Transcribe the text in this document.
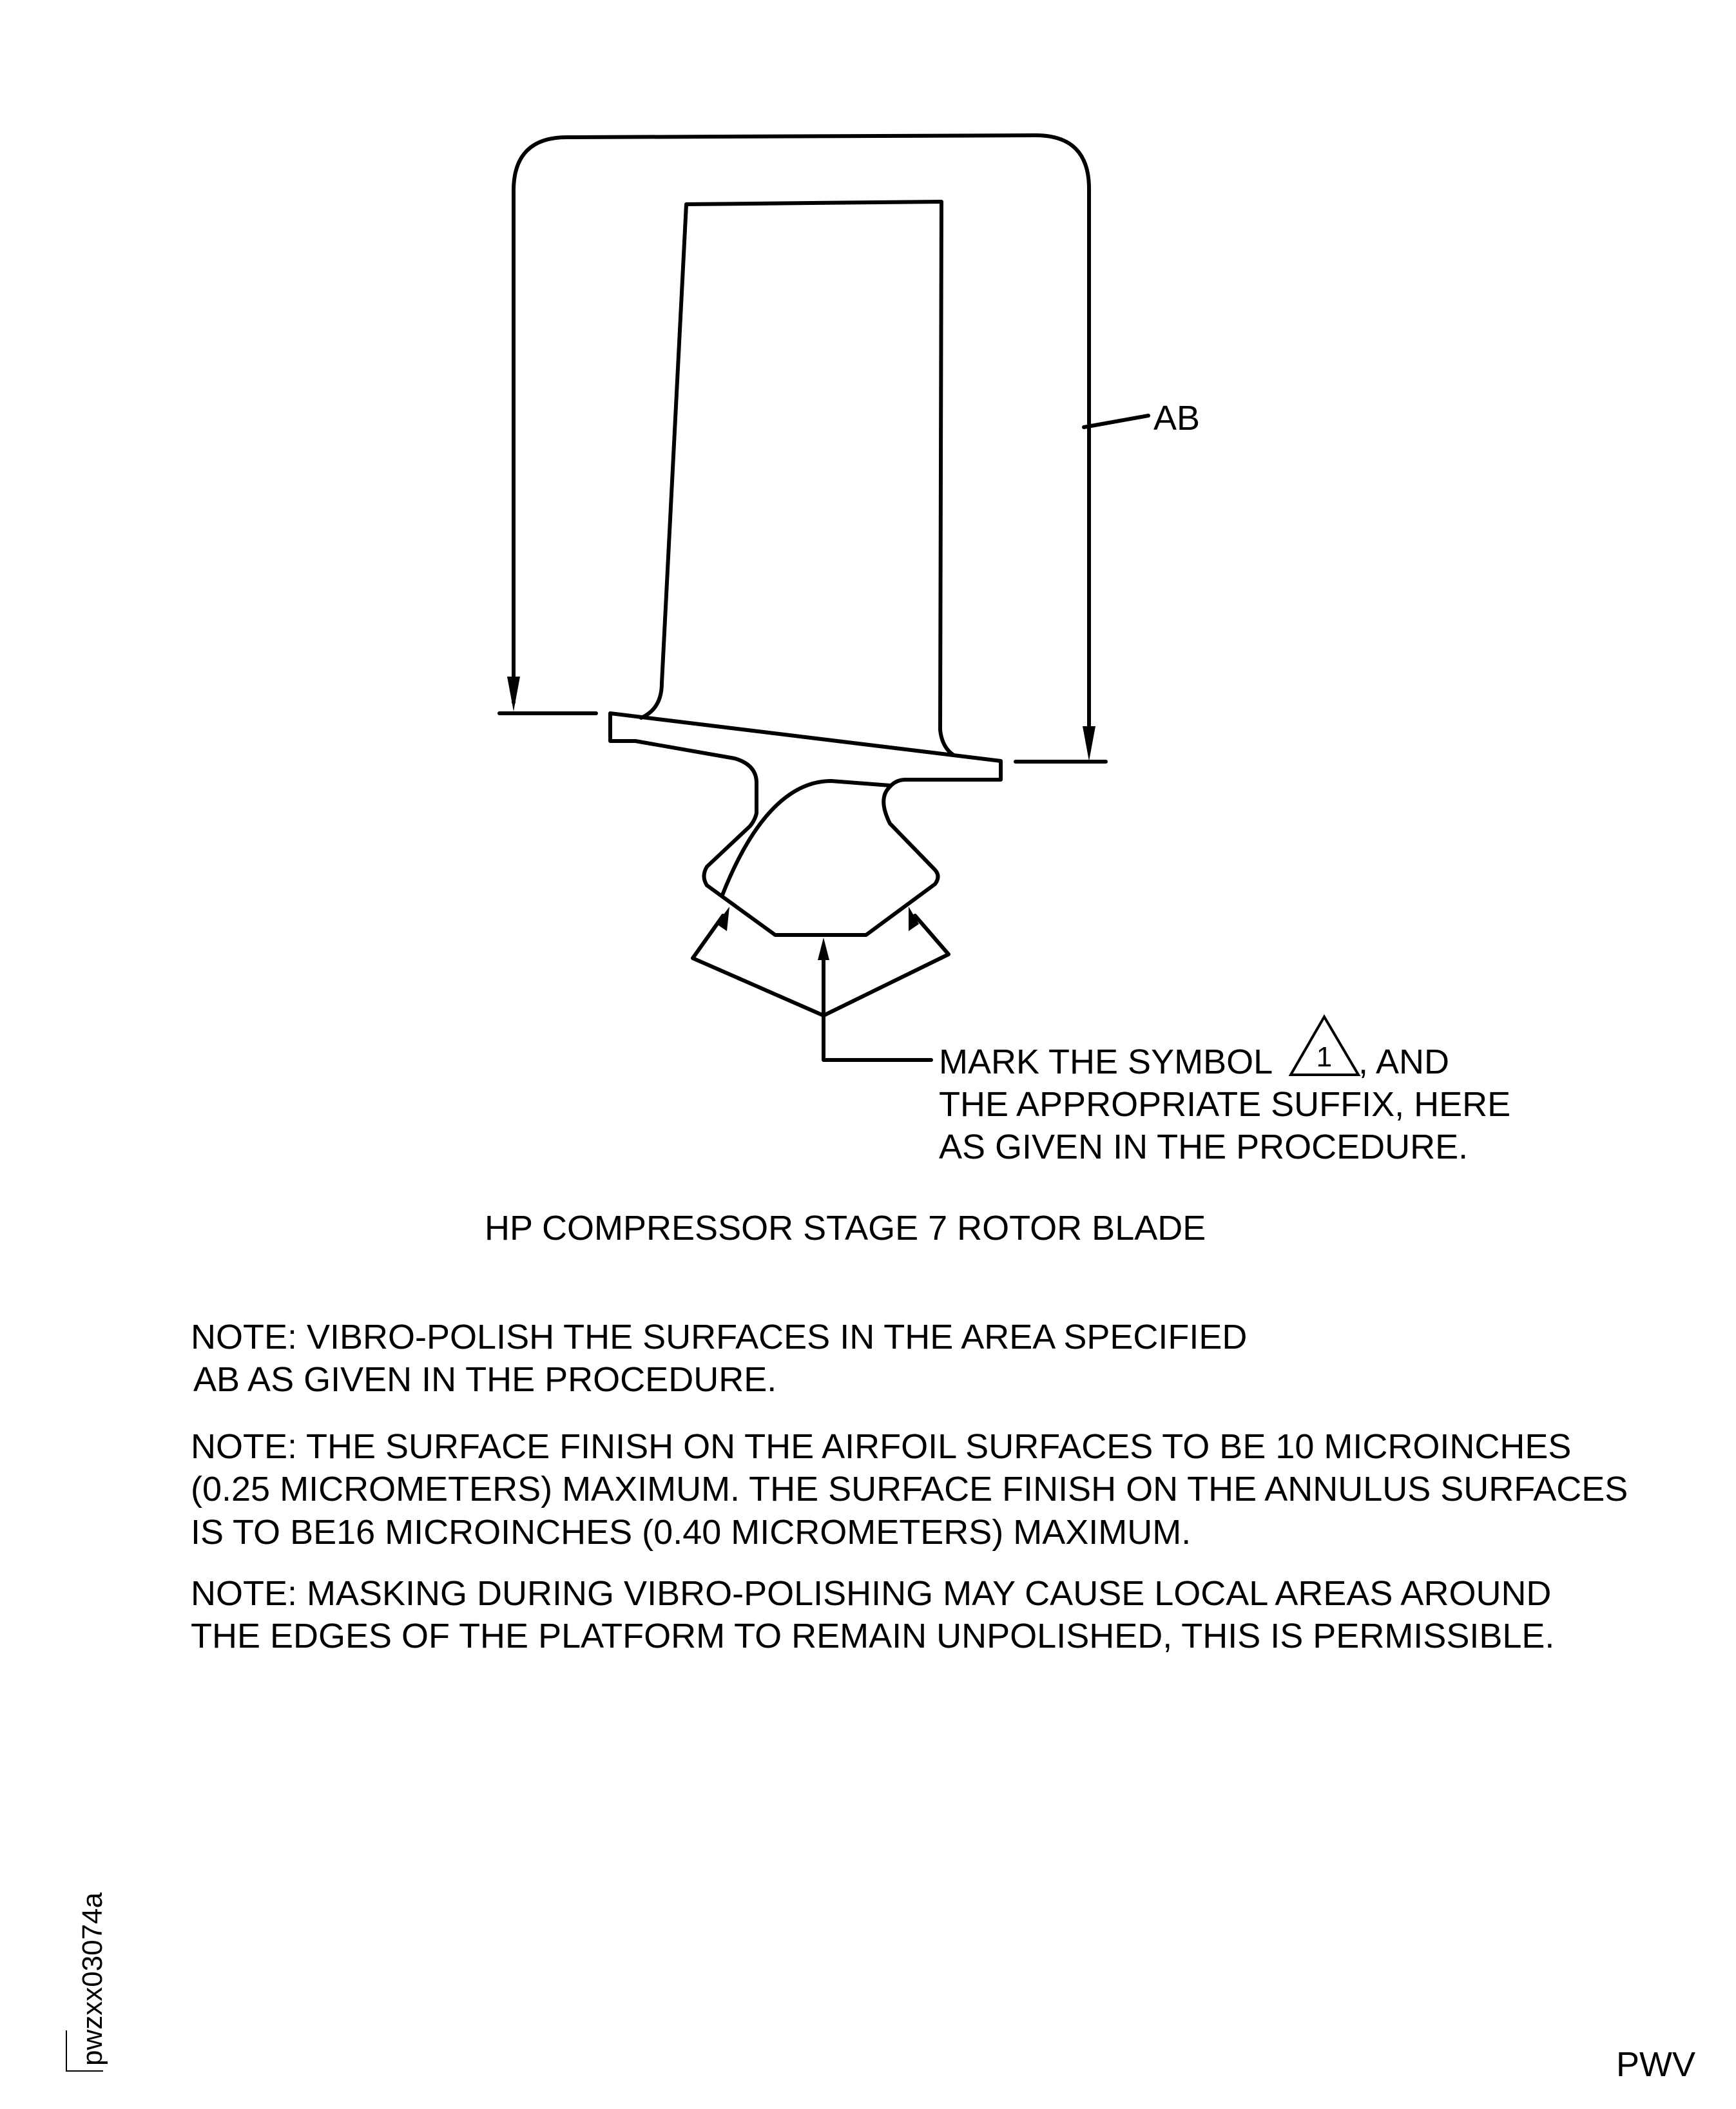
AB
MARK THE SYMBOL 1 , AND
THE APPROPRIATE SUFFIX, HERE
AS GIVEN IN THE PROCEDURE.
HP COMPRESSOR STAGE 7 ROTOR BLADE
NOTE: VIBRO-POLISH THE SURFACES IN THE AREA SPECIFIED
AB AS GIVEN IN THE PROCEDURE.
NOTE: THE SURFACE FINISH ON THE AIRFOIL SURFACES TO BE 10 MICROINCHES
(0.25 MICROMETERS) MAXIMUM. THE SURFACE FINISH ON THE ANNULUS SURFACES
IS TO BE16 MICROINCHES (0.40 MICROMETERS) MAXIMUM.
NOTE: MASKING DURING VIBRO-POLISHING MAY CAUSE LOCAL AREAS AROUND
THE EDGES OF THE PLATFORM TO REMAIN UNPOLISHED, THIS IS PERMISSIBLE.
pwzxx03074a	PWV
